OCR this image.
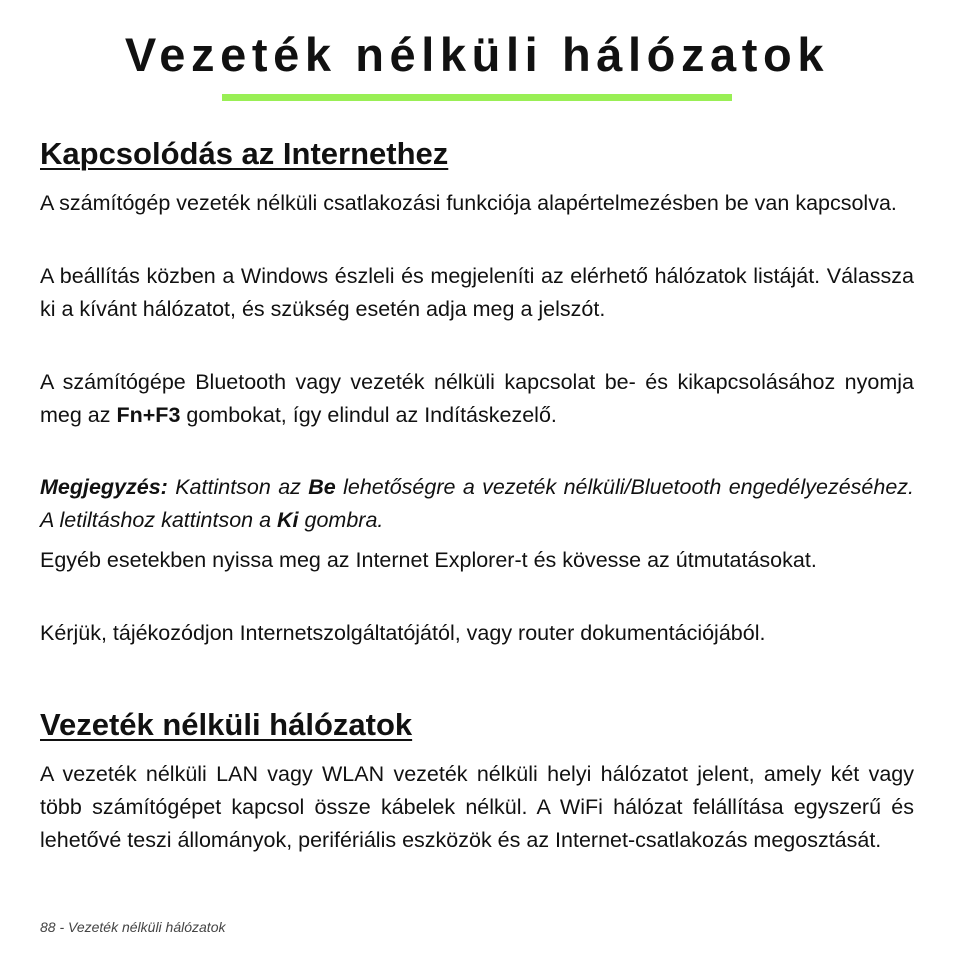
Vezeték nélküli hálózatok
Kapcsolódás az Internethez

A számítógép vezeték nélküli csatlakozási funkciója alapértelmezésben be van kapcsolva.

A beállítás közben a Windows észleli és megjeleníti az elérhető hálózatok listáját. Válassza ki a kívánt hálózatot, és szükség esetén adja meg a jelszót.

A számítógépe Bluetooth vagy vezeték nélküli kapcsolat be- és kikapcsolásához nyomja meg az Fn+F3 gombokat, így elindul az Indításkezelő.

Megjegyzés: Kattintson az Be lehetőségre a vezeték nélküli/Bluetooth engedélyezéséhez. A letiltáshoz kattintson a Ki gombra.

Egyéb esetekben nyissa meg az Internet Explorer-t és kövesse az útmutatásokat.

Kérjük, tájékozódjon Internetszolgáltatójától, vagy router dokumentációjából.

Vezeték nélküli hálózatok

A vezeték nélküli LAN vagy WLAN vezeték nélküli helyi hálózatot jelent, amely két vagy több számítógépet kapcsol össze kábelek nélkül. A WiFi hálózat felállítása egyszerű és lehetővé teszi állományok, perifériális eszközök és az Internet-csatlakozás megosztását.

88 - Vezeték nélküli hálózatok
